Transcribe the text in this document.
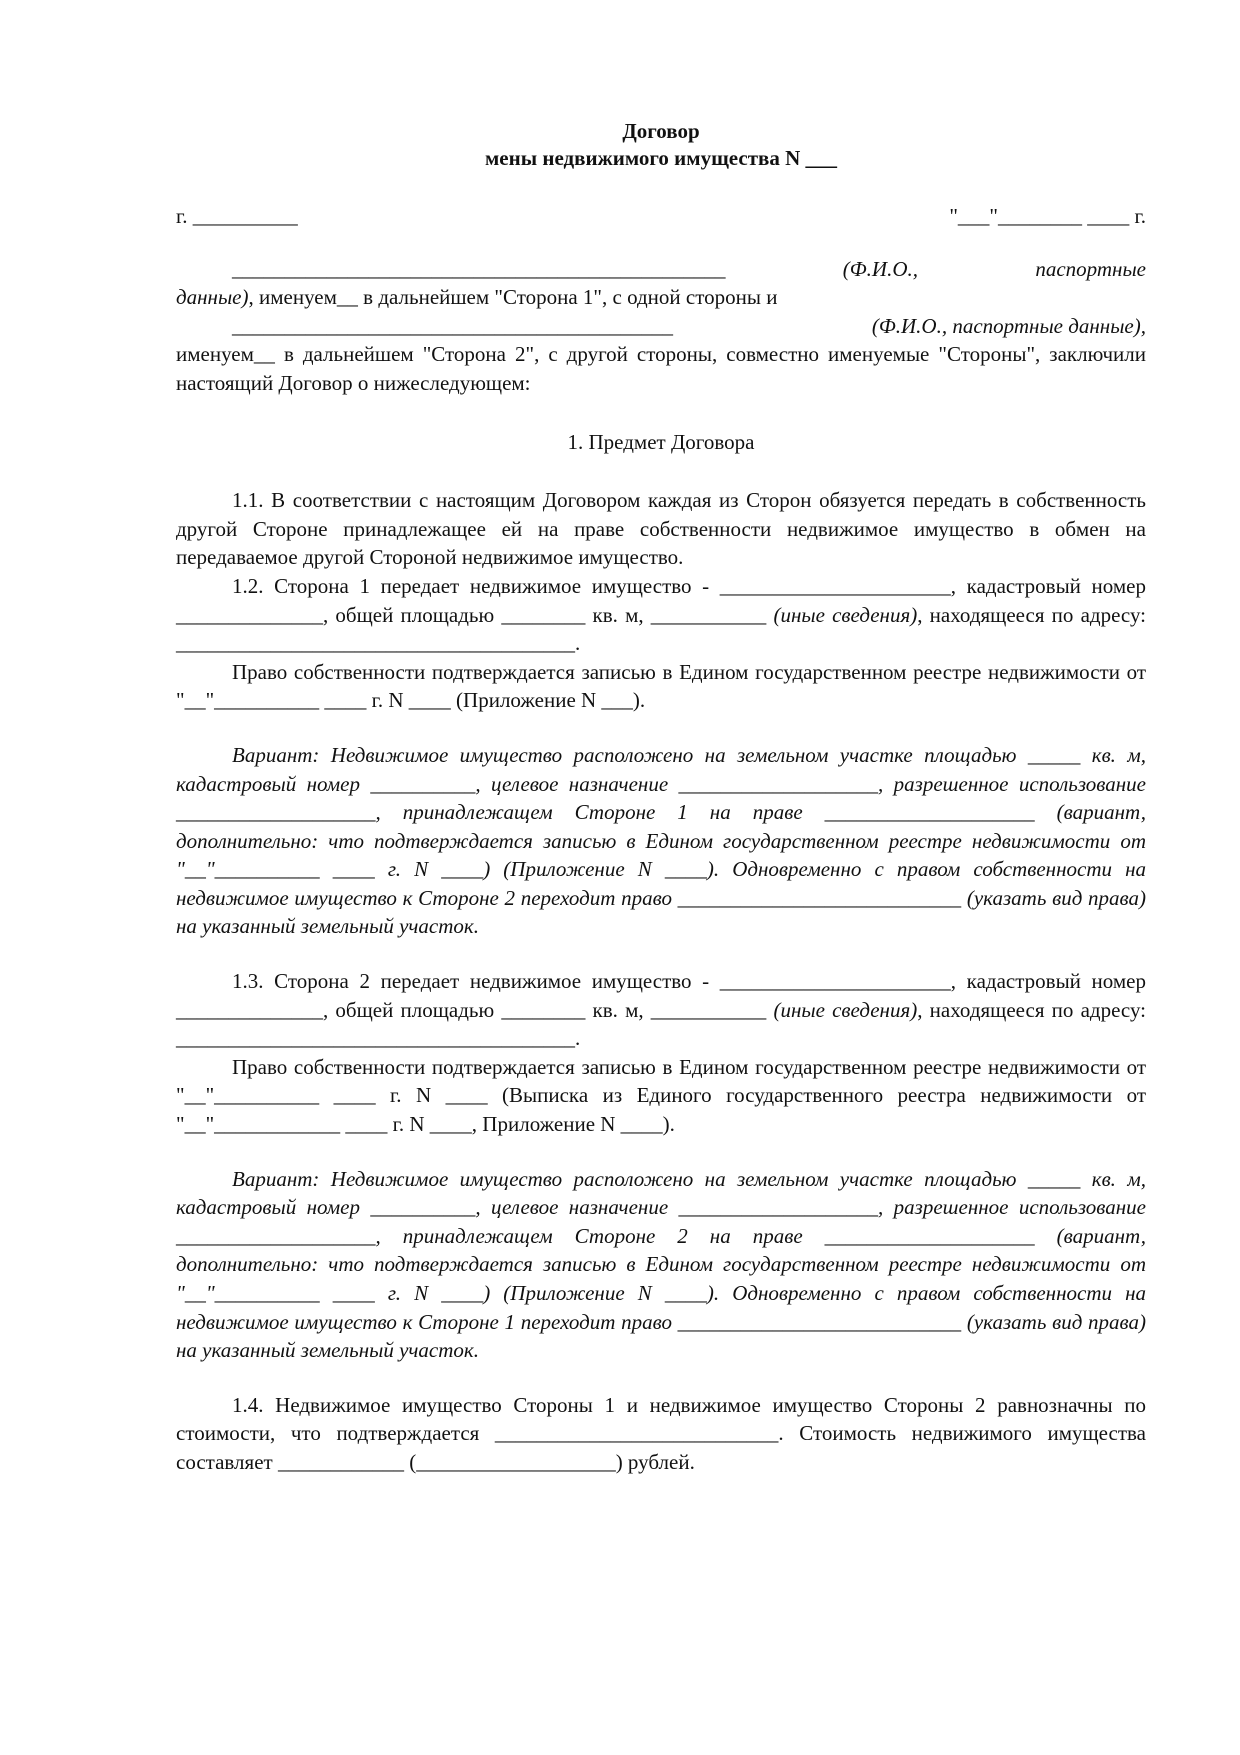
Договор
мены недвижимого имущества N ___
г. __________	"___"________ ____ г.
_______________________________________________	(Ф.И.О.,	паспортные

данные), именуем__ в дальнейшем "Сторона 1", с одной стороны и

__________________________________________	(Ф.И.О., паспортные данные),

именуем__ в дальнейшем "Сторона 2", с другой стороны, совместно именуемые "Стороны", заключили настоящий Договор о нижеследующем:

1. Предмет Договора

1.1. В соответствии с настоящим Договором каждая из Сторон обязуется передать в собственность другой Стороне принадлежащее ей на праве собственности недвижимое имущество в обмен на передаваемое другой Стороной недвижимое имущество.

1.2. Сторона 1 передает недвижимое имущество - ______________________, кадастровый номер ______________, общей площадью ________ кв. м, ___________ (иные сведения), находящееся по адресу: ______________________________________.

Право собственности подтверждается записью в Едином государственном реестре недвижимости от "__"__________ ____ г. N ____ (Приложение N ___).

Вариант: Недвижимое имущество расположено на земельном участке площадью _____ кв. м, кадастровый номер __________, целевое назначение ___________________, разрешенное использование ___________________, принадлежащем Стороне 1 на праве ____________________ (вариант, дополнительно: что подтверждается записью в Едином государственном реестре недвижимости от "__"__________ ____ г. N ____) (Приложение N ____). Одновременно с правом собственности на недвижимое имущество к Стороне 2 переходит право ___________________________ (указать вид права) на указанный земельный участок.

1.3. Сторона 2 передает недвижимое имущество - ______________________, кадастровый номер ______________, общей площадью ________ кв. м, ___________ (иные сведения), находящееся по адресу: ______________________________________.

Право собственности подтверждается записью в Едином государственном реестре недвижимости от "__"__________ ____ г. N ____ (Выписка из Единого государственного реестра недвижимости от "__"____________ ____ г. N ____, Приложение N ____).

Вариант: Недвижимое имущество расположено на земельном участке площадью _____ кв. м, кадастровый номер __________, целевое назначение ___________________, разрешенное использование ___________________, принадлежащем Стороне 2 на праве ____________________ (вариант, дополнительно: что подтверждается записью в Едином государственном реестре недвижимости от "__"__________ ____ г. N ____) (Приложение N ____). Одновременно с правом собственности на недвижимое имущество к Стороне 1 переходит право ___________________________ (указать вид права) на указанный земельный участок.

1.4. Недвижимое имущество Стороны 1 и недвижимое имущество Стороны 2 равнозначны по стоимости, что подтверждается ___________________________. Стоимость недвижимого имущества составляет ____________ (___________________) рублей.
